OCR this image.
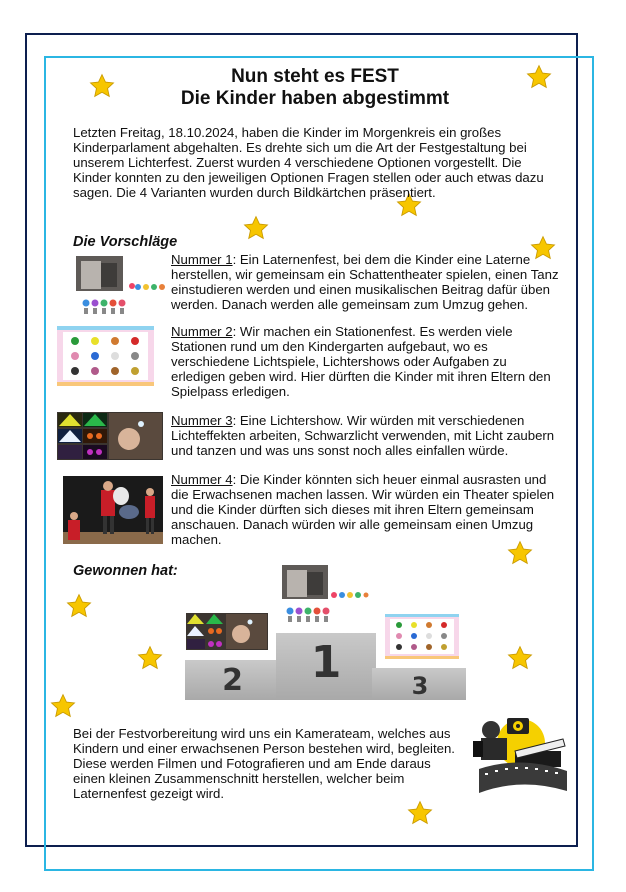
Nun steht es FEST
Die Kinder haben abgestimmt
Letzten Freitag, 18.10.2024, haben die Kinder im Morgenkreis ein großes Kinderparlament abgehalten. Es drehte sich um die Art der Festgestaltung bei unserem Lichterfest. Zuerst wurden 4 verschiedene Optionen vorgestellt. Die Kinder konnten zu den jeweiligen Optionen Fragen stellen oder auch etwas dazu sagen. Die 4 Varianten wurden durch Bildkärtchen präsentiert.
Die Vorschläge
Nummer 1: Ein Laternenfest, bei dem die Kinder eine Laterne herstellen, wir gemeinsam ein Schattentheater spielen, einen Tanz einstudieren werden und einen musikalischen Beitrag dafür üben werden. Danach werden alle gemeinsam zum Umzug gehen.
Nummer 2: Wir machen ein Stationenfest. Es werden viele Stationen rund um den Kindergarten aufgebaut, wo es verschiedene Lichtspiele, Lichtershows oder Aufgaben zu erledigen geben wird. Hier dürften die Kinder mit ihren Eltern den Spielpass erledigen.
Nummer 3: Eine Lichtershow. Wir würden mit verschiedenen Lichteffekten arbeiten, Schwarzlicht verwenden, mit Licht zaubern und tanzen und was uns sonst noch alles einfallen würde.
Nummer 4: Die Kinder könnten sich heuer einmal ausrasten und die Erwachsenen machen lassen. Wir würden ein Theater spielen und die Kinder dürften sich dieses mit ihren Eltern gemeinsam anschauen. Danach würden wir alle gemeinsam einen Umzug machen.
Gewonnen hat:
2	1	3
Bei der Festvorbereitung wird uns ein Kamerateam, welches aus Kindern und einer erwachsenen Person bestehen wird, begleiten. Diese werden Filmen und Fotografieren und am Ende daraus einen kleinen Zusammenschnitt herstellen, welcher beim Laternenfest gezeigt wird.
